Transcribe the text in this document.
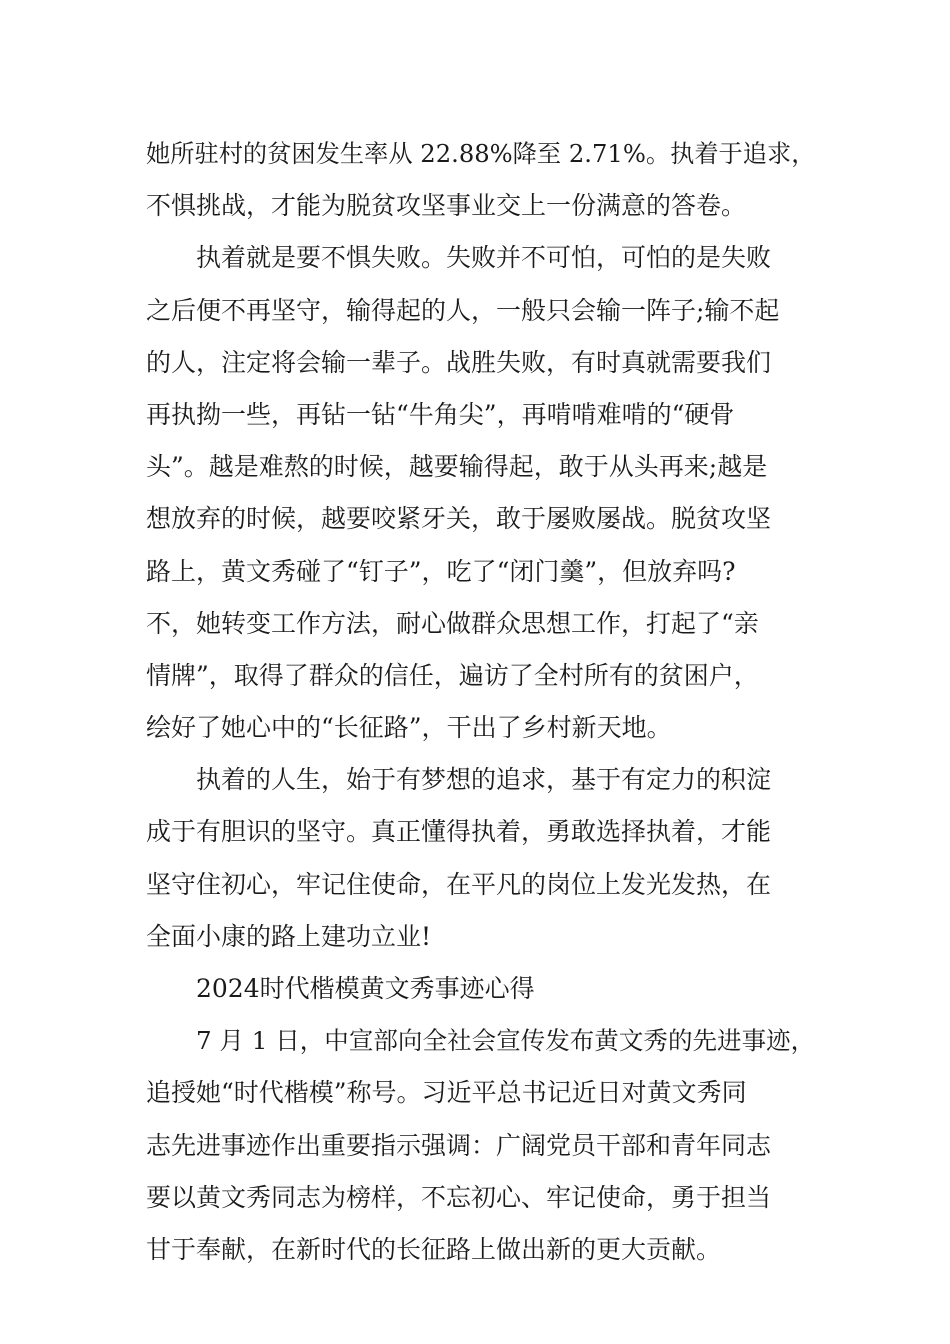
她所驻村的贫困发生率从 22.88%降至 2.71%。执着于追求，
不惧挑战，才能为脱贫攻坚事业交上一份满意的答卷。
执着就是要不惧失败。失败并不可怕，可怕的是失败
之后便不再坚守，输得起的人，一般只会输一阵子;输不起
的人，注定将会输一辈子。战胜失败，有时真就需要我们
再执拗一些，再钻一钻“牛角尖”，再啃啃难啃的“硬骨
头”。越是难熬的时候，越要输得起，敢于从头再来;越是
想放弃的时候，越要咬紧牙关，敢于屡败屡战。脱贫攻坚
路上，黄文秀碰了“钉子”，吃了“闭门羹”，但放弃吗?
不，她转变工作方法，耐心做群众思想工作，打起了“亲
情牌”，取得了群众的信任，遍访了全村所有的贫困户，
绘好了她心中的“长征路”，干出了乡村新天地。
执着的人生，始于有梦想的追求，基于有定力的积淀
成于有胆识的坚守。真正懂得执着，勇敢选择执着，才能
坚守住初心，牢记住使命，在平凡的岗位上发光发热，在
全面小康的路上建功立业!
2024时代楷模黄文秀事迹心得
7 月 1 日，中宣部向全社会宣传发布黄文秀的先进事迹，
追授她“时代楷模”称号。习近平总书记近日对黄文秀同
志先进事迹作出重要指示强调：广阔党员干部和青年同志
要以黄文秀同志为榜样，不忘初心、牢记使命，勇于担当
甘于奉献，在新时代的长征路上做出新的更大贡献。
